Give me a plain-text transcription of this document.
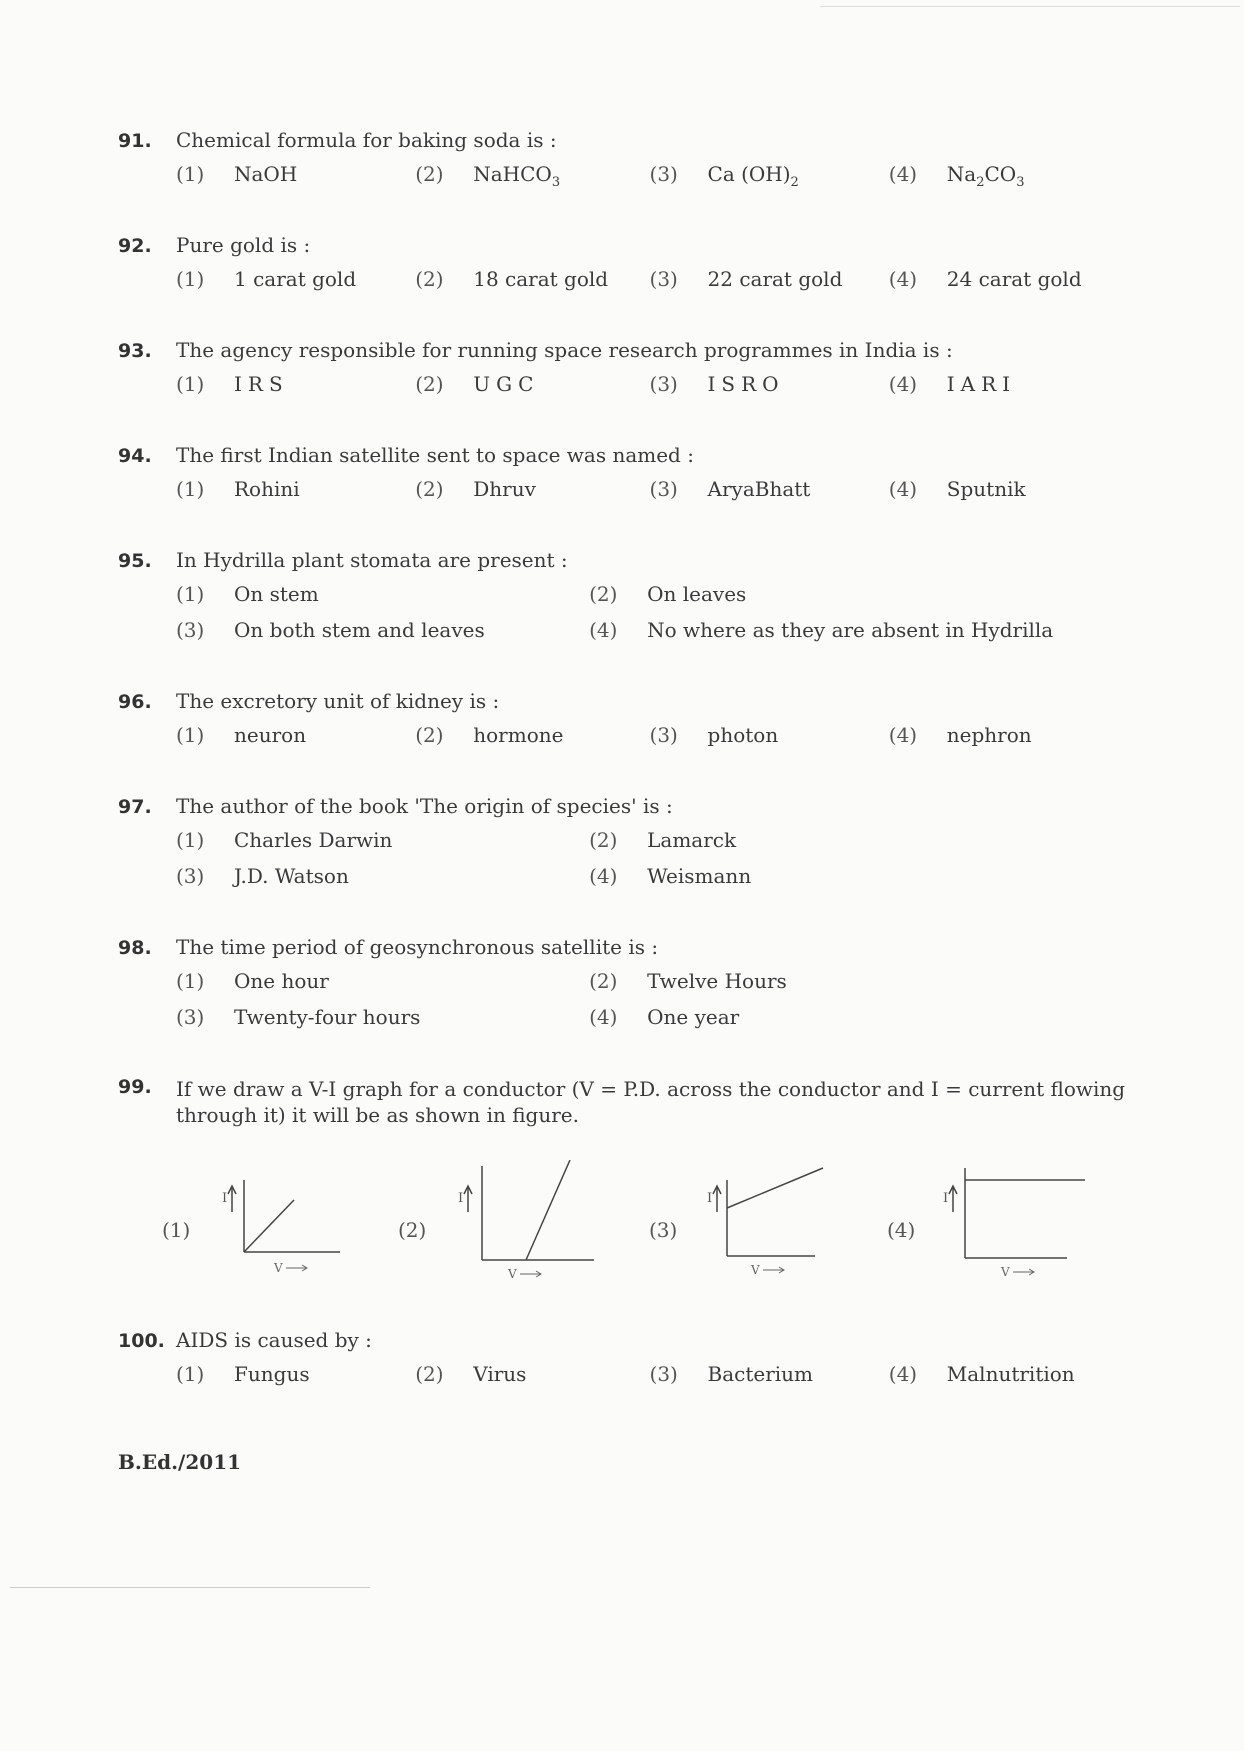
91.	Chemical formula for baking soda is :
(1)	NaOH	(2)	NaHCO$_3$	(3)	Ca $(OH)_2$	(4)	$Na_2CO_3$
92.	Pure gold is :
(1)	1 carat gold	(2)	18 carat gold (3)	22 carat gold (4)	24 carat gold
93.	The agency responsible for running space research programmes in India is :
(1)	IRS	(2)	UGC	(3)	ISRO	(4)	IARI
94.	The first Indian satellite sent to space was named :
(1)	Rohini	(2)	Dhruv	(3)	AryaBhatt	(4)	Sputnik
95.	In Hydrilla plant stomata are present :
(1)	On stem	(2)	On leaves
(3)	On both stem and leaves	(4)	No where as they are absent in Hydrilla
96.	The excretory unit of kidney is :
(1)	neuron	(2)	hormone	(3)	photon	(4)	nephron
97.	The author of the book 'The origin of species' is :
(1)	Charles Darwin	(2)	Lamarck
(3)	J.D. Watson	(4)	Weismann
98.	The time period of geosynchronous satellite is :
(1)	One hour	(2)	Twelve Hours
(3)	Twenty-four hours	(4)	One year
99.	If we draw a V-I graph for a conductor (V = P.D. across the conductor and I = current flowing through it) it will be as shown in figure.
(1)
I
V
(2)
I
V
(3)
I
V
(4)
I
V
100. AIDS is caused by :
(1)	Fungus	(2)	Virus	(3)	Bacterium	(4)	Malnutrition
B.Ed./2011
